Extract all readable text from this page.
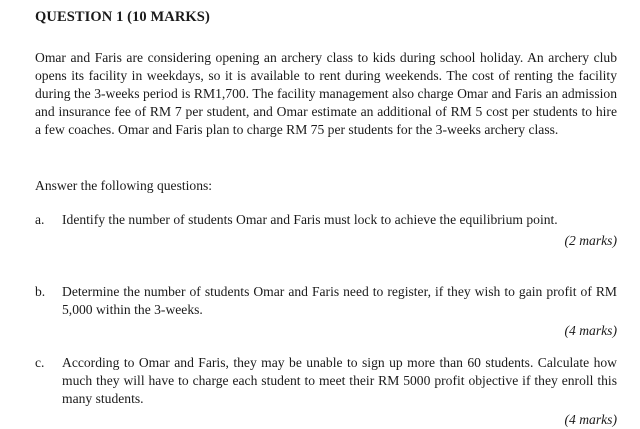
QUESTION 1 (10 MARKS)
Omar and Faris are considering opening an archery class to kids during school holiday. An archery club opens its facility in weekdays, so it is available to rent during weekends. The cost of renting the facility during the 3-weeks period is RM1,700. The facility management also charge Omar and Faris an admission and insurance fee of RM 7 per student, and Omar estimate an additional of RM 5 cost per students to hire a few coaches. Omar and Faris plan to charge RM 75 per students for the 3-weeks archery class.
Answer the following questions:
a.	Identify the number of students Omar and Faris must lock to achieve the equilibrium point.
(2 marks)
b.	Determine the number of students Omar and Faris need to register, if they wish to gain profit of RM 5,000 within the 3-weeks.
(4 marks)
c.	According to Omar and Faris, they may be unable to sign up more than 60 students. Calculate how much they will have to charge each student to meet their RM 5000 profit objective if they enroll this many students.
(4 marks)
